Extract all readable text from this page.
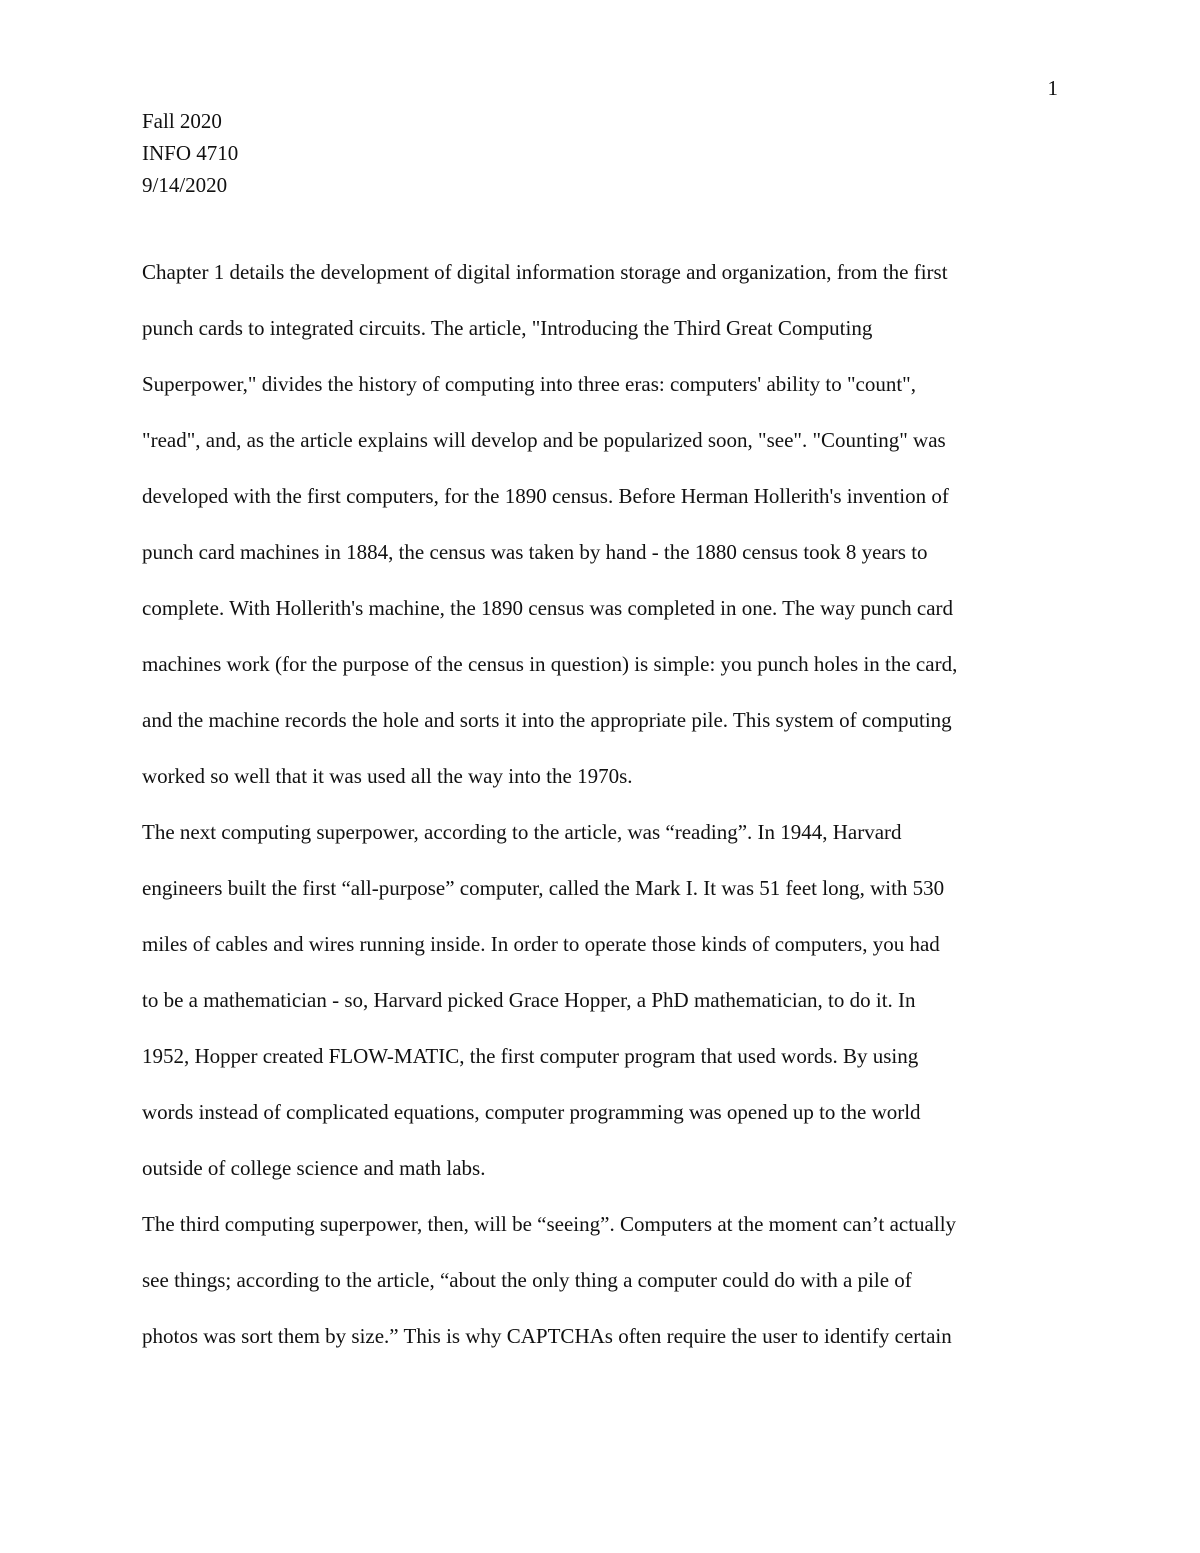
1
Fall 2020
INFO 4710
9/14/2020
Chapter 1 details the development of digital information storage and organization, from the first
punch cards to integrated circuits. The article, "Introducing the Third Great Computing
Superpower," divides the history of computing into three eras: computers' ability to "count",
"read", and, as the article explains will develop and be popularized soon, "see". "Counting" was
developed with the first computers, for the 1890 census. Before Herman Hollerith's invention of
punch card machines in 1884, the census was taken by hand - the 1880 census took 8 years to
complete. With Hollerith's machine, the 1890 census was completed in one. The way punch card
machines work (for the purpose of the census in question) is simple: you punch holes in the card,
and the machine records the hole and sorts it into the appropriate pile. This system of computing
worked so well that it was used all the way into the 1970s.
The next computing superpower, according to the article, was “reading”. In 1944, Harvard
engineers built the first “all-purpose” computer, called the Mark I. It was 51 feet long, with 530
miles of cables and wires running inside. In order to operate those kinds of computers, you had
to be a mathematician - so, Harvard picked Grace Hopper, a PhD mathematician, to do it. In
1952, Hopper created FLOW-MATIC, the first computer program that used words. By using
words instead of complicated equations, computer programming was opened up to the world
outside of college science and math labs.
The third computing superpower, then, will be “seeing”. Computers at the moment can’t actually
see things; according to the article, “about the only thing a computer could do with a pile of
photos was sort them by size.” This is why CAPTCHAs often require the user to identify certain
